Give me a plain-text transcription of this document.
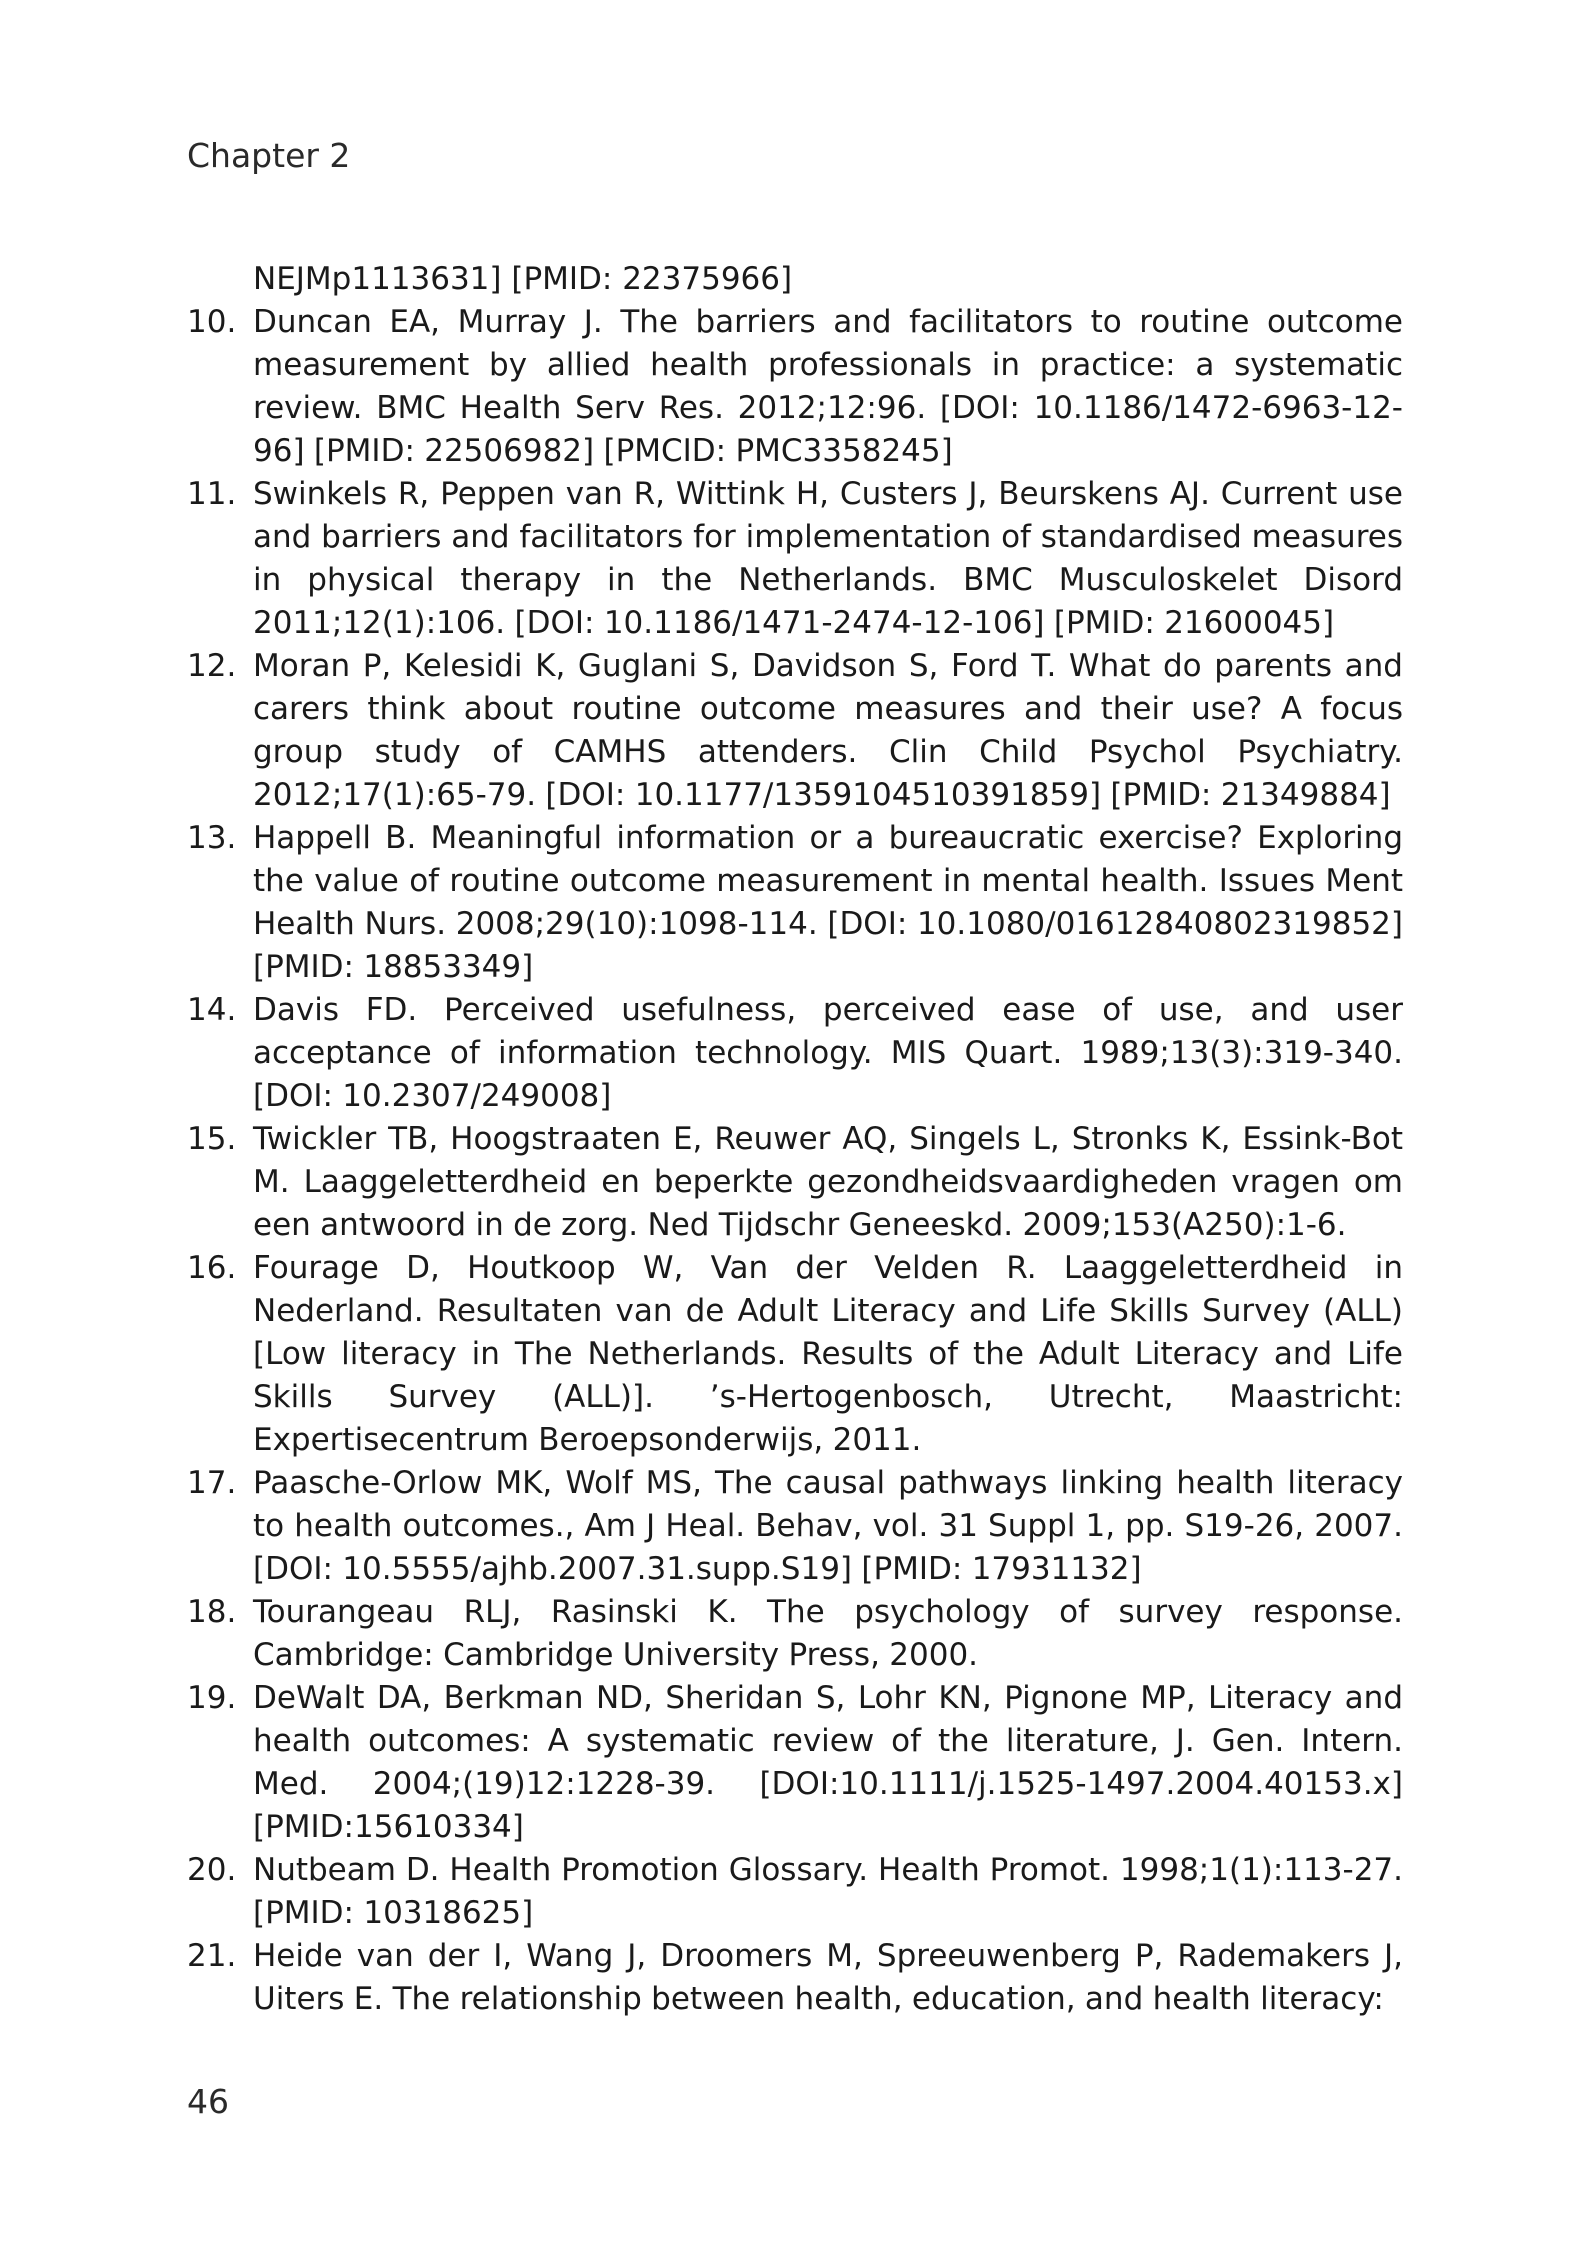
Chapter 2
NEJMp1113631] [PMID: 22375966]
10. Duncan EA, Murray J. The barriers and facilitators to routine outcome measurement by allied health professionals in practice: a systematic review. BMC Health Serv Res. 2012;12:96. [DOI: 10.1186/1472-6963-12-96] [PMID: 22506982] [PMCID: PMC3358245]
11. Swinkels R, Peppen van R, Wittink H, Custers J, Beurskens AJ. Current use and barriers and facilitators for implementation of standardised measures in physical therapy in the Netherlands. BMC Musculoskelet Disord 2011;12(1):106. [DOI: 10.1186/1471-2474-12-106] [PMID: 21600045]
12. Moran P, Kelesidi K, Guglani S, Davidson S, Ford T. What do parents and carers think about routine outcome measures and their use? A focus group study of CAMHS attenders. Clin Child Psychol Psychiatry. 2012;17(1):65-79. [DOI: 10.1177/1359104510391859] [PMID: 21349884]
13. Happell B. Meaningful information or a bureaucratic exercise? Exploring the value of routine outcome measurement in mental health. Issues Ment Health Nurs. 2008;29(10):1098-114. [DOI: 10.1080/01612840802319852] [PMID: 18853349]
14. Davis FD. Perceived usefulness, perceived ease of use, and user acceptance of information technology. MIS Quart. 1989;13(3):319-340. [DOI: 10.2307/249008]
15. Twickler TB, Hoogstraaten E, Reuwer AQ, Singels L, Stronks K, Essink-Bot M. Laaggeletterdheid en beperkte gezondheidsvaardigheden vragen om een antwoord in de zorg. Ned Tijdschr Geneeskd. 2009;153(A250):1-6.
16. Fourage D, Houtkoop W, Van der Velden R. Laaggeletterdheid in Nederland. Resultaten van de Adult Literacy and Life Skills Survey (ALL) [Low literacy in The Netherlands. Results of the Adult Literacy and Life Skills Survey (ALL)]. ’s-Hertogenbosch, Utrecht, Maastricht: Expertisecentrum Beroepsonderwijs, 2011.
17. Paasche-Orlow MK, Wolf MS, The causal pathways linking health literacy to health outcomes., Am J Heal. Behav, vol. 31 Suppl 1, pp. S19-26, 2007. [DOI: 10.5555/ajhb.2007.31.supp.S19] [PMID: 17931132]
18. Tourangeau RLJ, Rasinski K. The psychology of survey response. Cambridge: Cambridge University Press, 2000.
19. DeWalt DA, Berkman ND, Sheridan S, Lohr KN, Pignone MP, Literacy and health outcomes: A systematic review of the literature, J. Gen. Intern. Med. 2004;(19)12:1228-39. [DOI:10.1111/j.1525-1497.2004.40153.x] [PMID:15610334]
20. Nutbeam D. Health Promotion Glossary. Health Promot. 1998;1(1):113-27. [PMID: 10318625]
21. Heide van der I, Wang J, Droomers M, Spreeuwenberg P, Rademakers J, Uiters E. The relationship between health, education, and health literacy:
46
